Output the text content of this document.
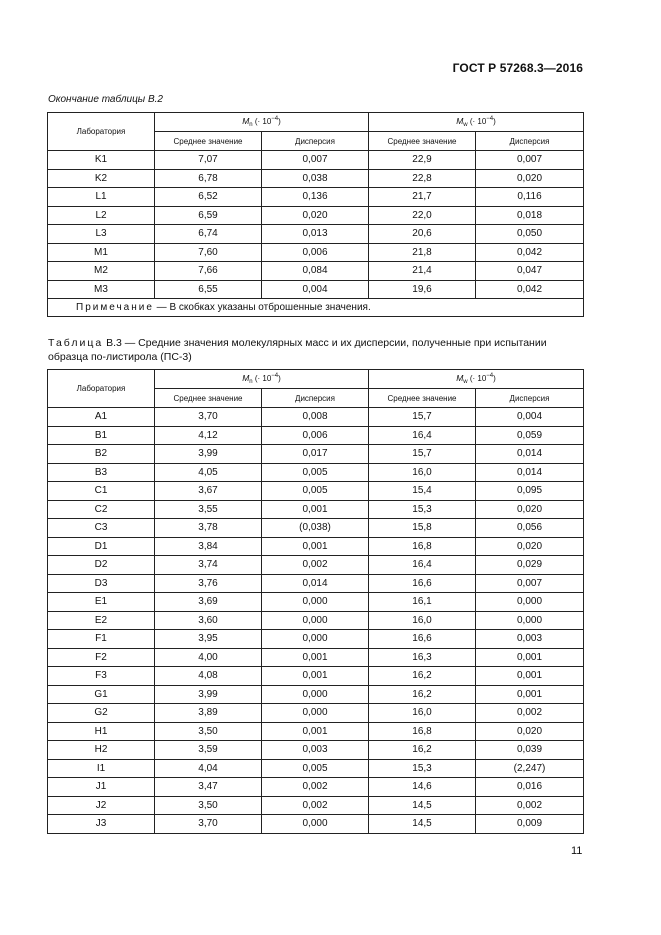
ГОСТ Р 57268.3—2016
Окончание таблицы В.2
Лаборатория	$M_n$ (· $10^{-4}$)		$M_w$ (· $10^{-4}$)	
	Среднее значение	Дисперсия	Среднее значение	Дисперсия
K1	7,07	0,007	22,9	0,007
K2	6,78	0,038	22,8	0,020
L1	6,52	0,136	21,7	0,116
L2	6,59	0,020	22,0	0,018
L3	6,74	0,013	20,6	0,050
M1	7,60	0,006	21,8	0,042
M2	7,66	0,084	21,4	0,047
M3	6,55	0,004	19,6	0,042
Примечание — В скобках указаны отброшенные значения.				
Таблица В.3 — Средние значения молекулярных масс и их дисперсии, полученные при испытании образца по-листирола (ПС-3)
Лаборатория	$M_n$ (· $10^{-4}$)		$M_w$ (· $10^{-4}$)	
	Среднее значение	Дисперсия	Среднее значение	Дисперсия
A1	3,70	0,008	15,7	0,004
B1	4,12	0,006	16,4	0,059
B2	3,99	0,017	15,7	0,014
B3	4,05	0,005	16,0	0,014
C1	3,67	0,005	15,4	0,095
C2	3,55	0,001	15,3	0,020
C3	3,78	(0,038)	15,8	0,056
D1	3,84	0,001	16,8	0,020
D2	3,74	0,002	16,4	0,029
D3	3,76	0,014	16,6	0,007
E1	3,69	0,000	16,1	0,000
E2	3,60	0,000	16,0	0,000
F1	3,95	0,000	16,6	0,003
F2	4,00	0,001	16,3	0,001
F3	4,08	0,001	16,2	0,001
G1	3,99	0,000	16,2	0,001
G2	3,89	0,000	16,0	0,002
H1	3,50	0,001	16,8	0,020
H2	3,59	0,003	16,2	0,039
I1	4,04	0,005	15,3	(2,247)
J1	3,47	0,002	14,6	0,016
J2	3,50	0,002	14,5	0,002
J3	3,70	0,000	14,5	0,009
11
